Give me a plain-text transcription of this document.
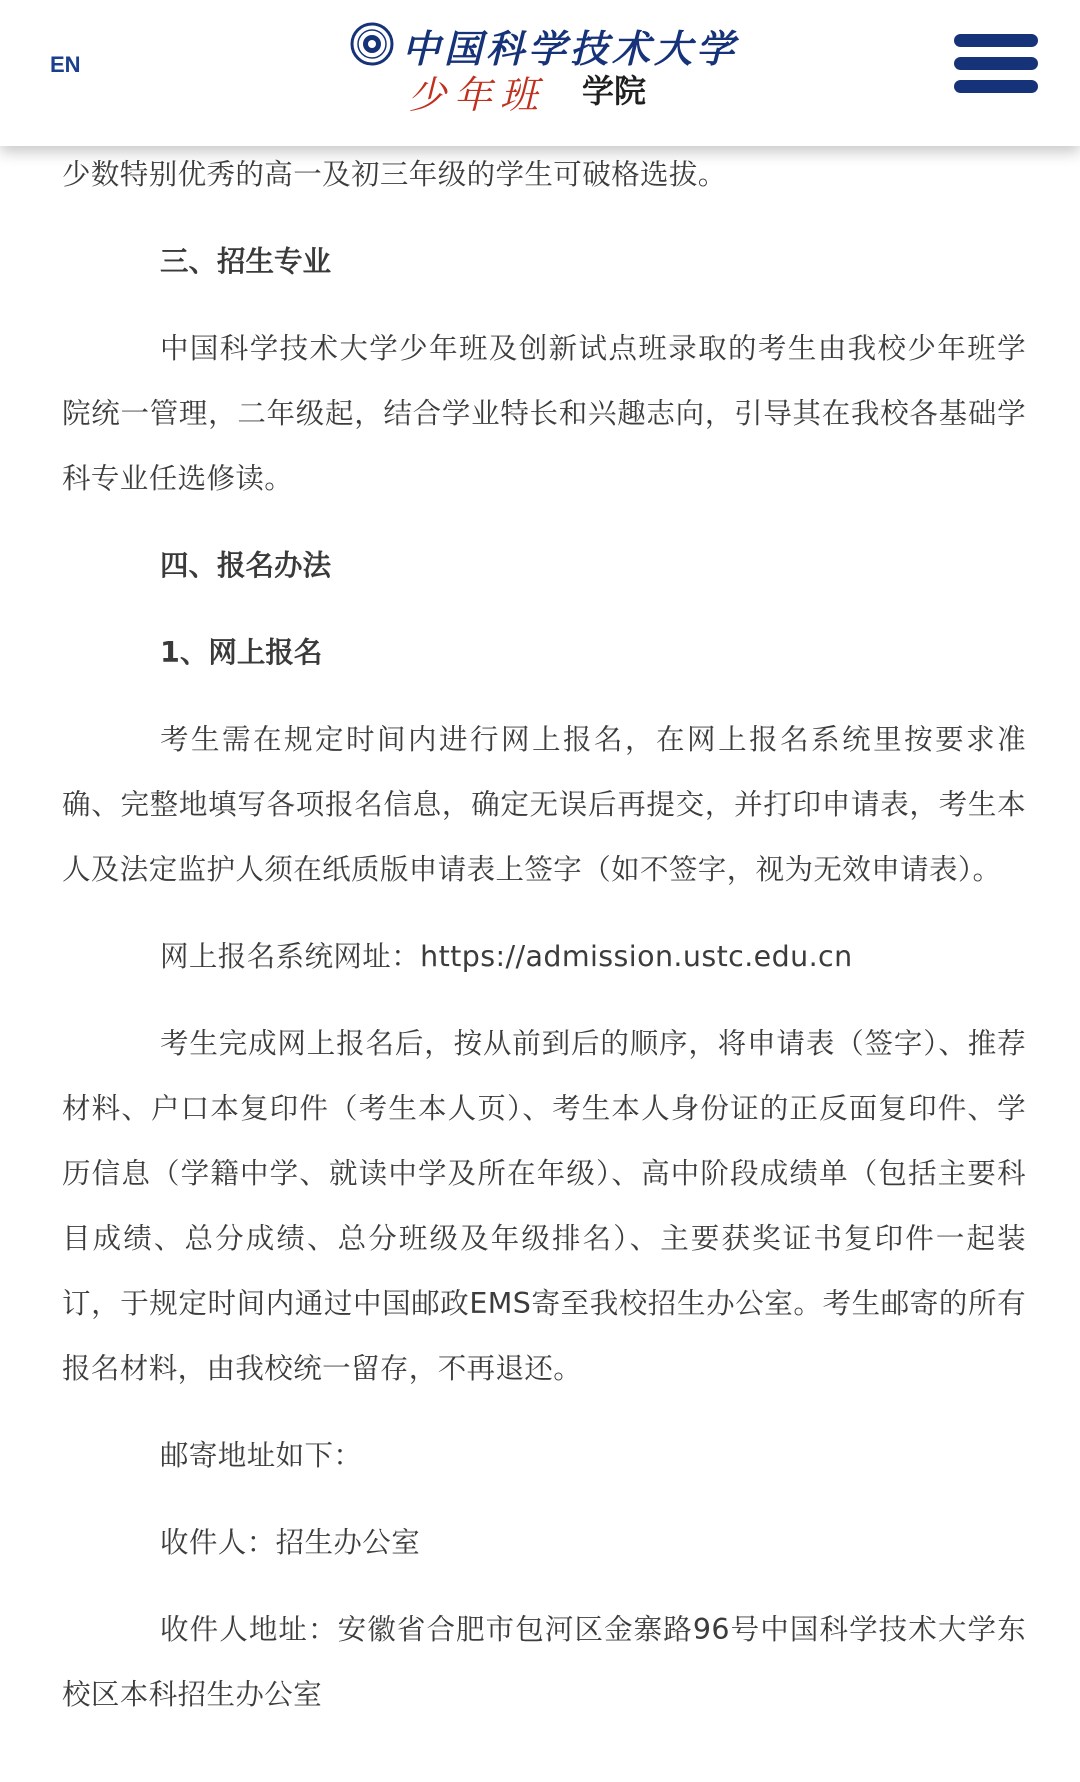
EN	中国科学技术大学
少年班 学院

少数特别优秀的高一及初三年级的学生可破格选拔。

三、招生专业

中国科学技术大学少年班及创新试点班录取的考生由我校少年班学院统一管理，二年级起，结合学业特长和兴趣志向，引导其在我校各基础学科专业任选修读。

四、报名办法

1、网上报名

考生需在规定时间内进行网上报名，在网上报名系统里按要求准确、完整地填写各项报名信息，确定无误后再提交，并打印申请表，考生本人及法定监护人须在纸质版申请表上签字（如不签字，视为无效申请表）。

网上报名系统网址：https://admission.ustc.edu.cn

考生完成网上报名后，按从前到后的顺序，将申请表（签字）、推荐材料、户口本复印件（考生本人页）、考生本人身份证的正反面复印件、学历信息（学籍中学、就读中学及所在年级）、高中阶段成绩单（包括主要科目成绩、总分成绩、总分班级及年级排名）、主要获奖证书复印件一起装订，于规定时间内通过中国邮政EMS寄至我校招生办公室。考生邮寄的所有报名材料，由我校统一留存，不再退还。

邮寄地址如下：

收件人：招生办公室

收件人地址：安徽省合肥市包河区金寨路96号中国科学技术大学东校区本科招生办公室
